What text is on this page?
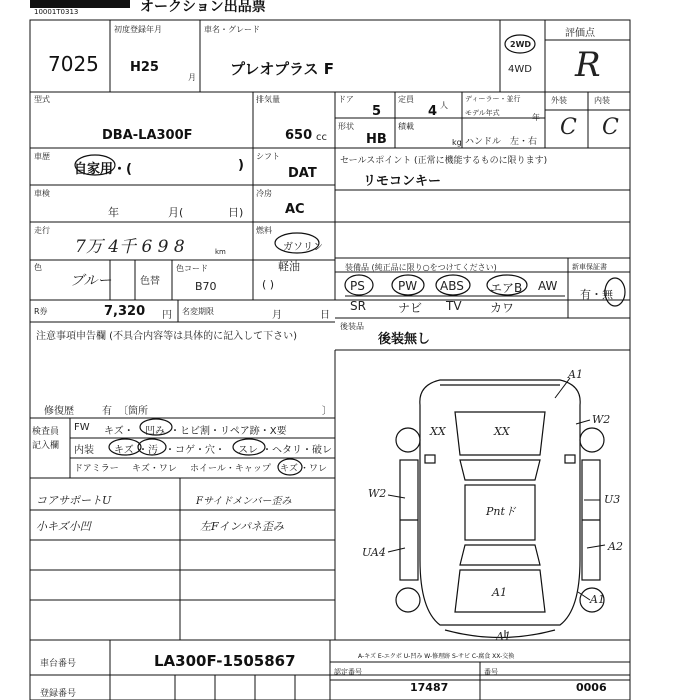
10001T0313	オークション出品票
7025
初度登録年月
H25
月
車名・グレード
プレオプラス F
2WD
4WD
評価点
R
型式
DBA-LA300F
排気量
650 cc
ドア
5
定員
4 人
ディーラー・並行
モデル年式	年
外装	内装
C C
形状
HB
積載
kg ハンドル 左・右
車歴
自家用・(	)
シフト
DAT
セールスポイント (正常に機能するものに限ります)
リモコンキー
車検
年	月(	日)
冷房
AC
走行
7万 4千 6 9 8	km
燃料
ガソリン
軽油
( )
色
ブルー	色替
色コード
B70
装備品 (純正品に限り○をつけてください)
PS	PW ABS エアB AW
SR	ナビ TV カワ
新車保証書
有・無
R券	7,320 円 名変期限	月	日
後装品
後装無し
注意事項申告欄 (不具合内容等は具体的に記入して下さい)
修復歴	有 〔箇所	〕
検査員
記入欄
FW キズ・ 凹み ・ヒビ割・リペア跡・X要
内装 キズ ・汚 ・コゲ・穴・ スレ ・ヘタリ・破レ
ドアミラー キズ・ワレ ホイール・キャップ キズ ・ワレ
コアサポートU
小キズ小凹
Fサイドメンバー歪み
左Fインパネ歪み
A1
XX	XX
W2
W2
Pntド
U3
A2
UA4
A1
A1
A1
車台番号	LA300F-1505867
登録番号
A-キズ E-エクボ U-凹み W-修理跡 S-サビ C-腐食 XX-交換
認定番号
17487
番号
0006
